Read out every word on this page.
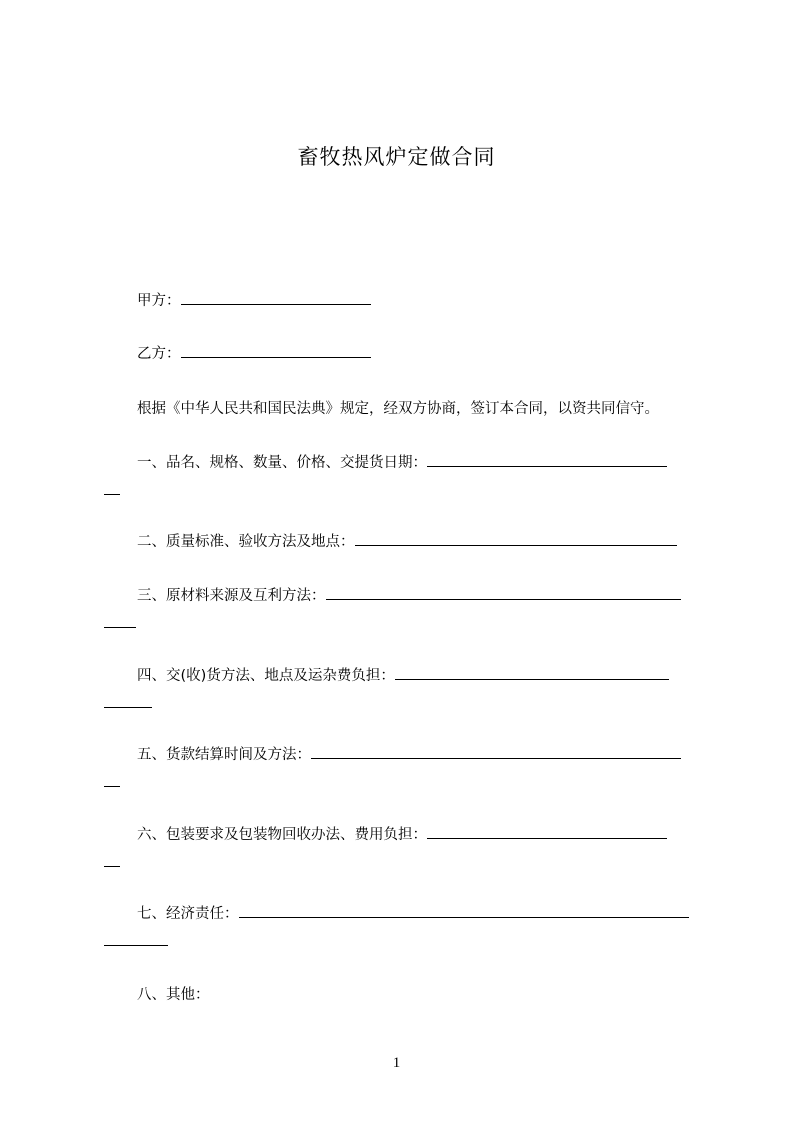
畜牧热风炉定做合同
甲方：
乙方：
根据《中华人民共和国民法典》规定，经双方协商，签订本合同，以资共同信守。
一、品名、规格、数量、价格、交提货日期：
二、质量标准、验收方法及地点：
三、原材料来源及互利方法：
四、交(收)货方法、地点及运杂费负担：
五、货款结算时间及方法：
六、包装要求及包装物回收办法、费用负担：
七、经济责任：
八、其他：
1
